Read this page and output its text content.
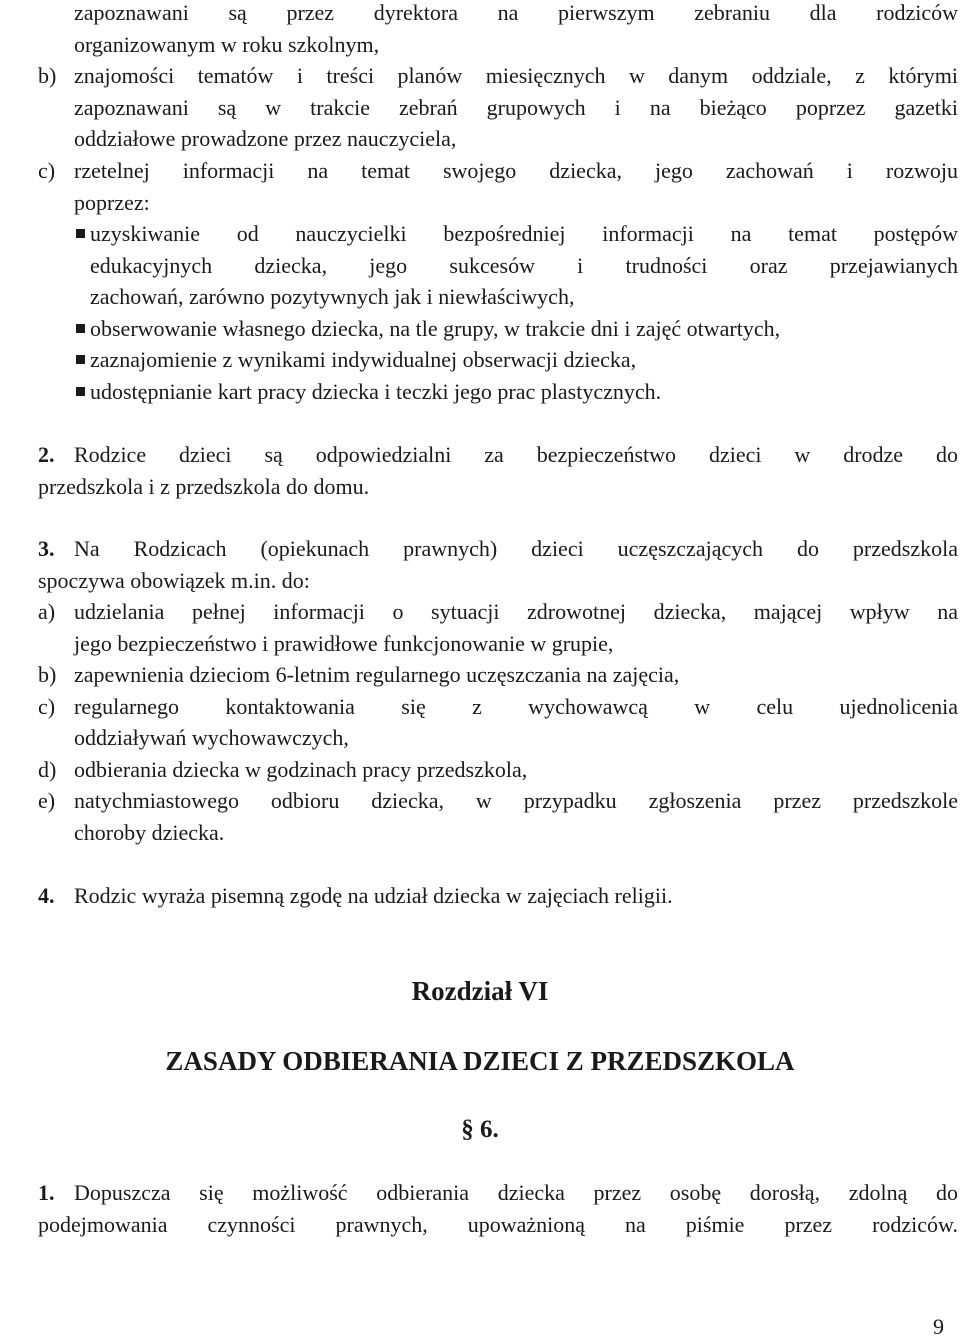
zapoznawani są przez dyrektora na pierwszym zebraniu dla rodziców
organizowanym w roku szkolnym,
b) znajomości tematów i treści planów miesięcznych w danym oddziale, z którymi
zapoznawani są w trakcie zebrań grupowych i na bieżąco poprzez gazetki
oddziałowe prowadzone przez nauczyciela,
c) rzetelnej informacji na temat swojego dziecka, jego zachowań i rozwoju
poprzez:
uzyskiwanie od nauczycielki bezpośredniej informacji na temat postępów
edukacyjnych dziecka, jego sukcesów i trudności oraz przejawianych
zachowań, zarówno pozytywnych jak i niewłaściwych,
obserwowanie własnego dziecka, na tle grupy, w trakcie dni i zajęć otwartych,
zaznajomienie z wynikami indywidualnej obserwacji dziecka,
udostępnianie kart pracy dziecka i teczki jego prac plastycznych.
2. Rodzice dzieci są odpowiedzialni za bezpieczeństwo dzieci w drodze do
przedszkola i z przedszkola do domu.
3. Na Rodzicach (opiekunach prawnych) dzieci uczęszczających do przedszkola
spoczywa obowiązek m.in. do:
a) udzielania pełnej informacji o sytuacji zdrowotnej dziecka, mającej wpływ na
jego bezpieczeństwo i prawidłowe funkcjonowanie w grupie,
b) zapewnienia dzieciom 6-letnim regularnego uczęszczania na zajęcia,
c) regularnego kontaktowania się z wychowawcą w celu ujednolicenia
oddziaływań wychowawczych,
d) odbierania dziecka w godzinach pracy przedszkola,
e) natychmiastowego odbioru dziecka, w przypadku zgłoszenia przez przedszkole
choroby dziecka.
4. Rodzic wyraża pisemną zgodę na udział dziecka w zajęciach religii.
Rozdział VI
ZASADY ODBIERANIA DZIECI Z PRZEDSZKOLA
§ 6.
1. Dopuszcza się możliwość odbierania dziecka przez osobę dorosłą, zdolną do
podejmowania czynności prawnych, upoważnioną na piśmie przez rodziców.
9
